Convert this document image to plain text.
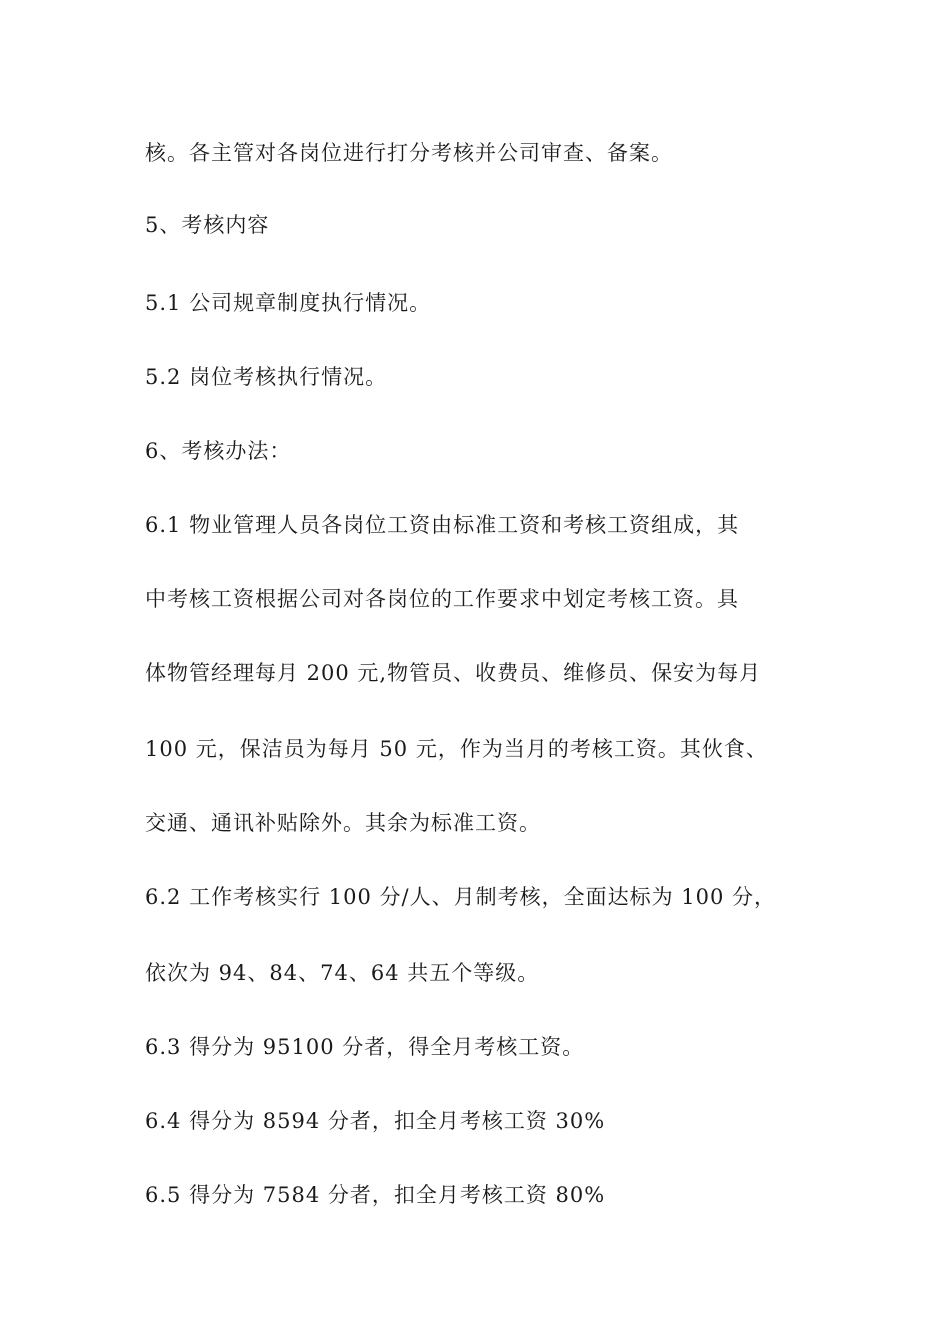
核。各主管对各岗位进行打分考核并公司审查、备案。
5、考核内容
5.1 公司规章制度执行情况。
5.2 岗位考核执行情况。
6、考核办法：
6.1 物业管理人员各岗位工资由标准工资和考核工资组成，其
中考核工资根据公司对各岗位的工作要求中划定考核工资。具
体物管经理每月 200 元,物管员、收费员、维修员、保安为每月
100 元，保洁员为每月 50 元，作为当月的考核工资。其伙食、
交通、通讯补贴除外。其余为标准工资。
6.2 工作考核实行 100 分/人、月制考核，全面达标为 100 分，
依次为 94、84、74、64 共五个等级。
6.3 得分为 95100 分者，得全月考核工资。
6.4 得分为 8594 分者，扣全月考核工资 30%
6.5 得分为 7584 分者，扣全月考核工资 80%
